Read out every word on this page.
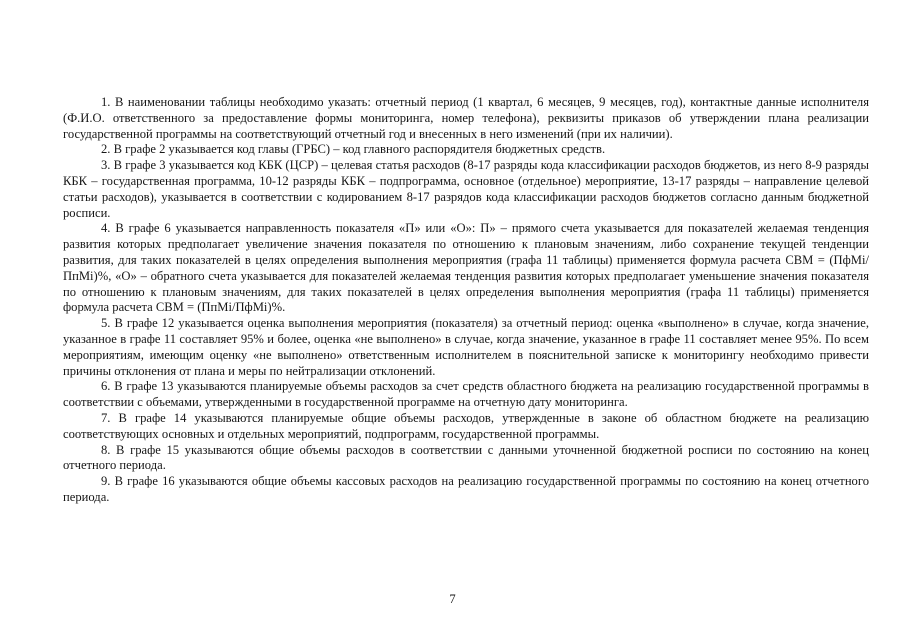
1. В наименовании таблицы необходимо указать: отчетный период (1 квартал, 6 месяцев, 9 месяцев, год), контактные данные исполнителя (Ф.И.О. ответственного за предоставление формы мониторинга, номер телефона), реквизиты приказов об утверждении плана реализации государственной программы на соответствующий отчетный год и внесенных в него изменений (при их наличии).

2. В графе 2 указывается код главы (ГРБС) – код главного распорядителя бюджетных средств.

3. В графе 3 указывается код КБК (ЦСР) – целевая статья расходов (8-17 разряды кода классификации расходов бюджетов, из него 8-9 разряды КБК – государственная программа, 10-12 разряды КБК – подпрограмма, основное (отдельное) мероприятие, 13-17 разряды – направление целевой статьи расходов), указывается в соответствии с кодированием 8-17 разрядов кода классификации расходов бюджетов согласно данным бюджетной росписи.

4. В графе 6 указывается направленность показателя «П» или «О»: П» – прямого счета указывается для показателей желаемая тенденция развития которых предполагает увеличение значения показателя по отношению к плановым значениям, либо сохранение текущей тенденции развития, для таких показателей в целях определения выполнения мероприятия (графа 11 таблицы) применяется формула расчета СВМ = (ПфМі/ПпМі)%, «О» – обратного счета указывается для показателей желаемая тенденция развития которых предполагает уменьшение значения показателя по отношению к плановым значениям, для таких показателей в целях определения выполнения мероприятия (графа 11 таблицы) применяется формула расчета СВМ = (ПпМі/ПфМі)%.

5. В графе 12 указывается оценка выполнения мероприятия (показателя) за отчетный период: оценка «выполнено» в случае, когда значение, указанное в графе 11 составляет 95% и более, оценка «не выполнено» в случае, когда значение, указанное в графе 11 составляет менее 95%. По всем мероприятиям, имеющим оценку «не выполнено» ответственным исполнителем в пояснительной записке к мониторингу необходимо привести причины отклонения от плана и меры по нейтрализации отклонений.

6. В графе 13 указываются планируемые объемы расходов за счет средств областного бюджета на реализацию государственной программы в соответствии с объемами, утвержденными в государственной программе на отчетную дату мониторинга.

7. В графе 14 указываются планируемые общие объемы расходов, утвержденные в законе об областном бюджете на реализацию соответствующих основных и отдельных мероприятий, подпрограмм, государственной программы.

8. В графе 15 указываются общие объемы расходов в соответствии с данными уточненной бюджетной росписи по состоянию на конец отчетного периода.

9. В графе 16 указываются общие объемы кассовых расходов на реализацию государственной программы по состоянию на конец отчетного периода.

7
